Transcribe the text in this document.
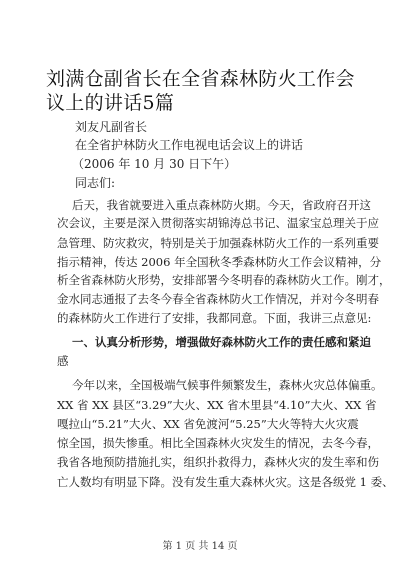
刘满仓副省长在全省森林防火工作会议上的讲话5篇
刘友凡副省长
在全省护林防火工作电视电话会议上的讲话
（2006 年 10 月 30 日下午）
同志们:
后天，我省就要进入重点森林防火期。今天，省政府召开这
次会议，主要是深入贯彻落实胡锦涛总书记、温家宝总理关于应
急管理、防灾救灾，特别是关于加强森林防火工作的一系列重要
指示精神，传达 2006 年全国秋冬季森林防火工作会议精神，分
析全省森林防火形势，安排部署今冬明春的森林防火工作。刚才，
金水同志通报了去冬今春全省森林防火工作情况，并对今冬明春
的森林防火工作进行了安排，我都同意。下面，我讲三点意见:
一、认真分析形势，增强做好森林防火工作的责任感和紧迫
感
今年以来，全国极端气候事件频繁发生，森林火灾总体偏重。
XX 省 XX 县区“3.29”大火、XX 省木里县“4.10”大火、XX 省
嘎拉山“5.21”大火、XX 省免渡河“5.25”大火等特大火灾震
惊全国，损失惨重。相比全国森林火灾发生的情况，去冬今春，
我省各地预防措施扎实，组织扑救得力，森林火灾的发生率和伤
亡人数均有明显下降。没有发生重大森林火灾。这是各级党 1 委、
第 1 页 共 14 页
